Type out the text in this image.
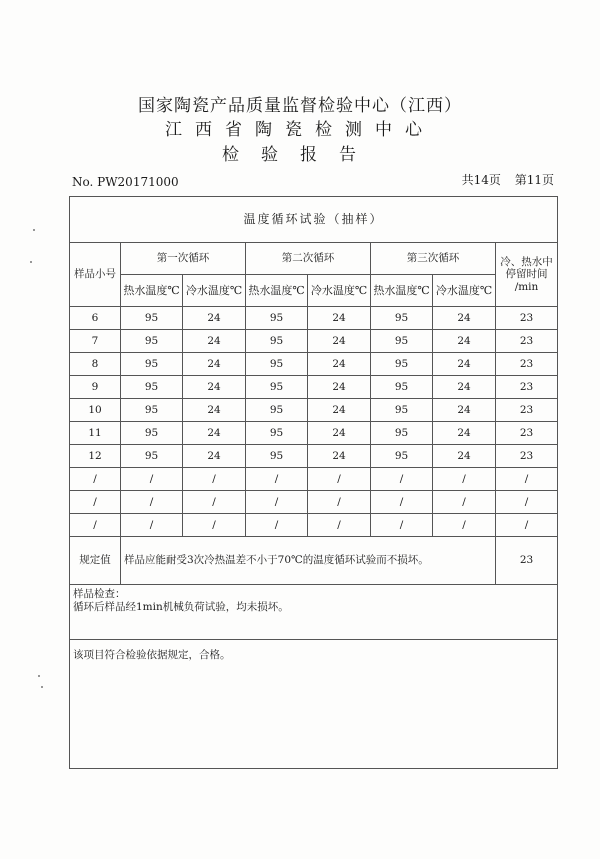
国家陶瓷产品质量监督检验中心（江西）
江西省陶瓷检测中心
检验报告
No. PW20171000	共14页 第11页
温度循环试验（抽样）							
样品小号	第一次循环		第二次循环		第三次循环		冷、热水中
停留时间
/min

	热水温度℃	冷水温度℃	热水温度℃	冷水温度℃	热水温度℃	冷水温度℃	
6	95	24	95	24	95	24	23
7	95	24	95	24	95	24	23
8	95	24	95	24	95	24	23
9	95	24	95	24	95	24	23
10	95	24	95	24	95	24	23
11	95	24	95	24	95	24	23
12	95	24	95	24	95	24	23
/	/	/	/	/	/	/	/
/	/	/	/	/	/	/	/
/	/	/	/	/	/	/	/
规定值	样品应能耐受3次冷热温差不小于70℃的温度循环试验而不损坏。						23

样品检查：
循环后样品经1min机械负荷试验，均未损坏。							

该项目符合检验依据规定，合格。							
